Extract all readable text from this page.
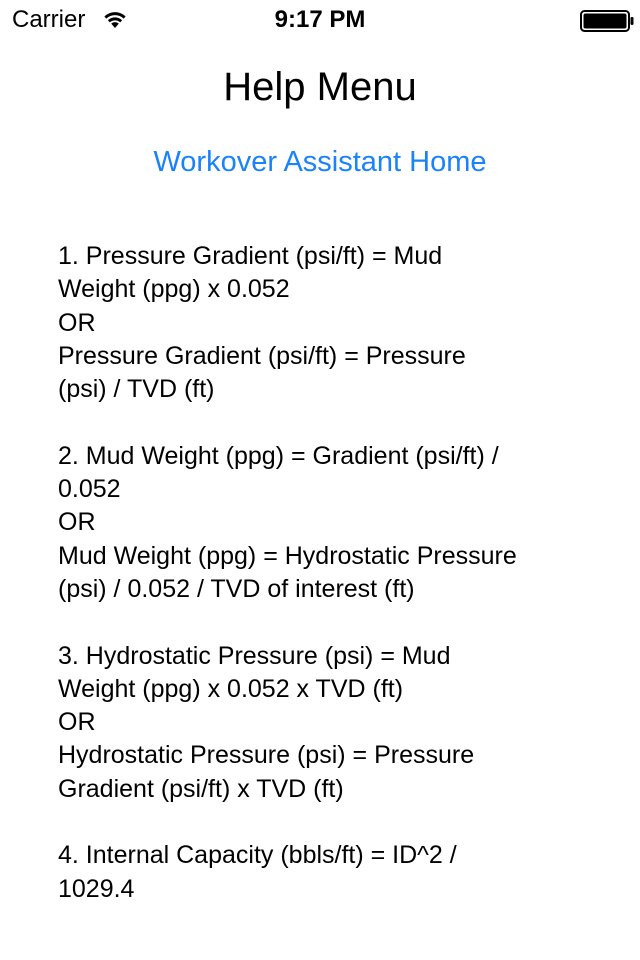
Carrier	9:17 PM
Help Menu
Workover Assistant Home
1. Pressure Gradient (psi/ft) = Mud
Weight (ppg) x 0.052
OR
Pressure Gradient (psi/ft) = Pressure
(psi) / TVD (ft)

2. Mud Weight (ppg) = Gradient (psi/ft) /
0.052
OR
Mud Weight (ppg) = Hydrostatic Pressure
(psi) / 0.052 / TVD of interest (ft)

3. Hydrostatic Pressure (psi) = Mud
Weight (ppg) x 0.052 x TVD (ft)
OR
Hydrostatic Pressure (psi) = Pressure
Gradient (psi/ft) x TVD (ft)

4. Internal Capacity (bbls/ft) = ID^2 /
1029.4
